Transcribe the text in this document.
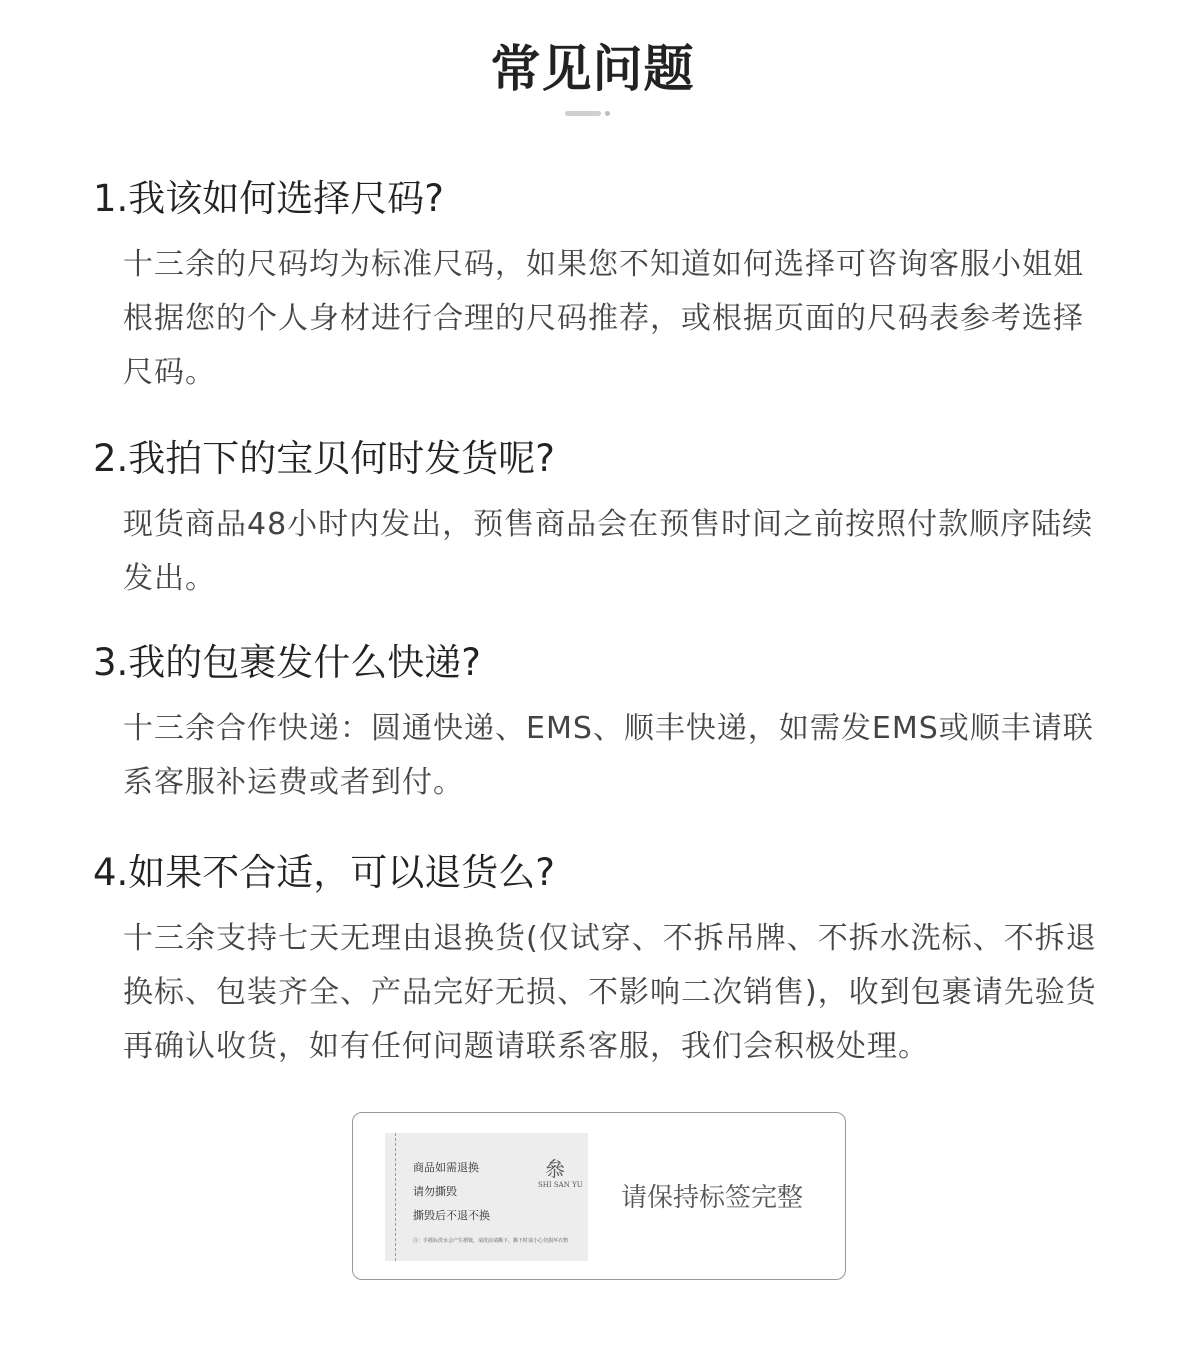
常见问题
1.我该如何选择尺码?
十三余的尺码均为标准尺码，如果您不知道如何选择可咨询客服小姐姐根据您的个人身材进行合理的尺码推荐，或根据页面的尺码表参考选择尺码。
2.我拍下的宝贝何时发货呢?
现货商品48小时内发出，预售商品会在预售时间之前按照付款顺序陆续发出。
3.我的包裹发什么快递?
十三余合作快递：圆通快递、EMS、顺丰快递，如需发EMS或顺丰请联系客服补运费或者到付。
4.如果不合适，可以退货么?
十三余支持七天无理由退换货(仅试穿、不拆吊牌、不拆水洗标、不拆退换标、包装齐全、产品完好无损、不影响二次销售)，收到包裹请先验货再确认收货，如有任何问题请联系客服，我们会积极处理。
商品如需退换
请勿撕毁
撕毁后不退不换
叅
SHI SAN YU
注：手摇标洗水会产生褶皱，请洗前请撕下，撕下时请小心勿损坏衣物
请保持标签完整
